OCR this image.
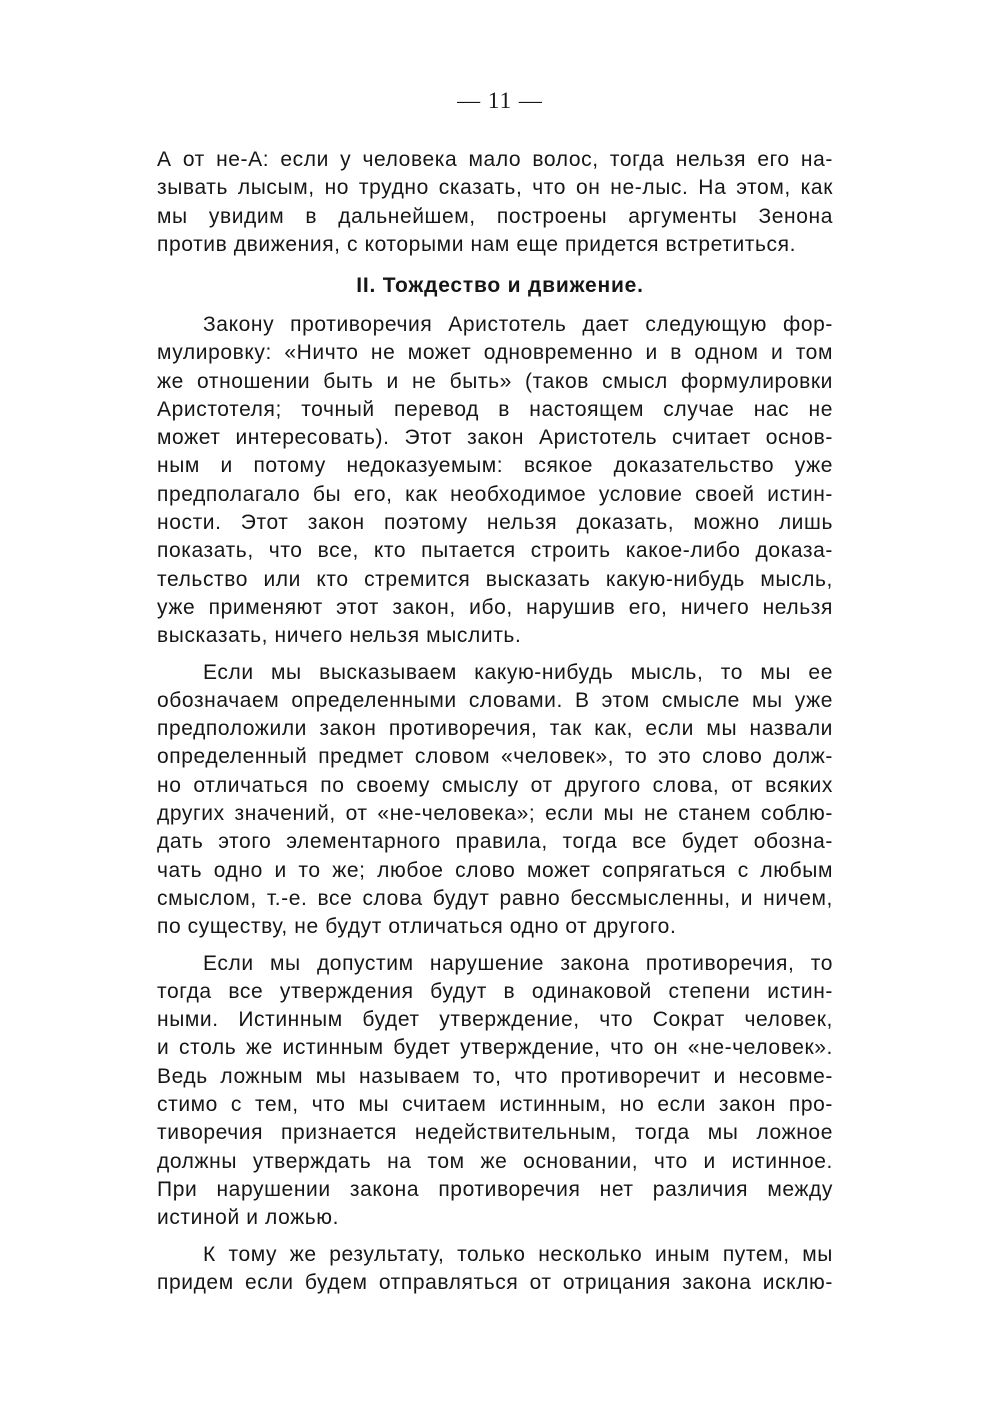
— 11 —
А от не-А: если у человека мало волос, тогда нельзя его на-
зывать лысым, но трудно сказать, что он не-лыс. На этом, как
мы увидим в дальнейшем, построены аргументы Зенона
против движения, с которыми нам еще придется встретиться.
II. Тождество и движение.
Закону противоречия Аристотель дает следующую фор-
мулировку: «Ничто не может одновременно и в одном и том
же отношении быть и не быть» (таков смысл формулировки
Аристотеля; точный перевод в настоящем случае нас не
может интересовать). Этот закон Аристотель считает основ-
ным и потому недоказуемым: всякое доказательство уже
предполагало бы его, как необходимое условие своей истин-
ности. Этот закон поэтому нельзя доказать, можно лишь
показать, что все, кто пытается строить какое-либо доказа-
тельство или кто стремится высказать какую-нибудь мысль,
уже применяют этот закон, ибо, нарушив его, ничего нельзя
высказать, ничего нельзя мыслить.
Если мы высказываем какую-нибудь мысль, то мы ее
обозначаем определенными словами. В этом смысле мы уже
предположили закон противоречия, так как, если мы назвали
определенный предмет словом «человек», то это слово долж-
но отличаться по своему смыслу от другого слова, от всяких
других значений, от «не-человека»; если мы не станем соблю-
дать этого элементарного правила, тогда все будет обозна-
чать одно и то же; любое слово может сопрягаться с любым
смыслом, т.-е. все слова будут равно бессмысленны, и ничем,
по существу, не будут отличаться одно от другого.
Если мы допустим нарушение закона противоречия, то
тогда все утверждения будут в одинаковой степени истин-
ными. Истинным будет утверждение, что Сократ человек,
и столь же истинным будет утверждение, что он «не-человек».
Ведь ложным мы называем то, что противоречит и несовме-
стимо с тем, что мы считаем истинным, но если закон про-
тиворечия признается недействительным, тогда мы ложное
должны утверждать на том же основании, что и истинное.
При нарушении закона противоречия нет различия между
истиной и ложью.
К тому же результату, только несколько иным путем, мы
придем если будем отправляться от отрицания закона исклю-
